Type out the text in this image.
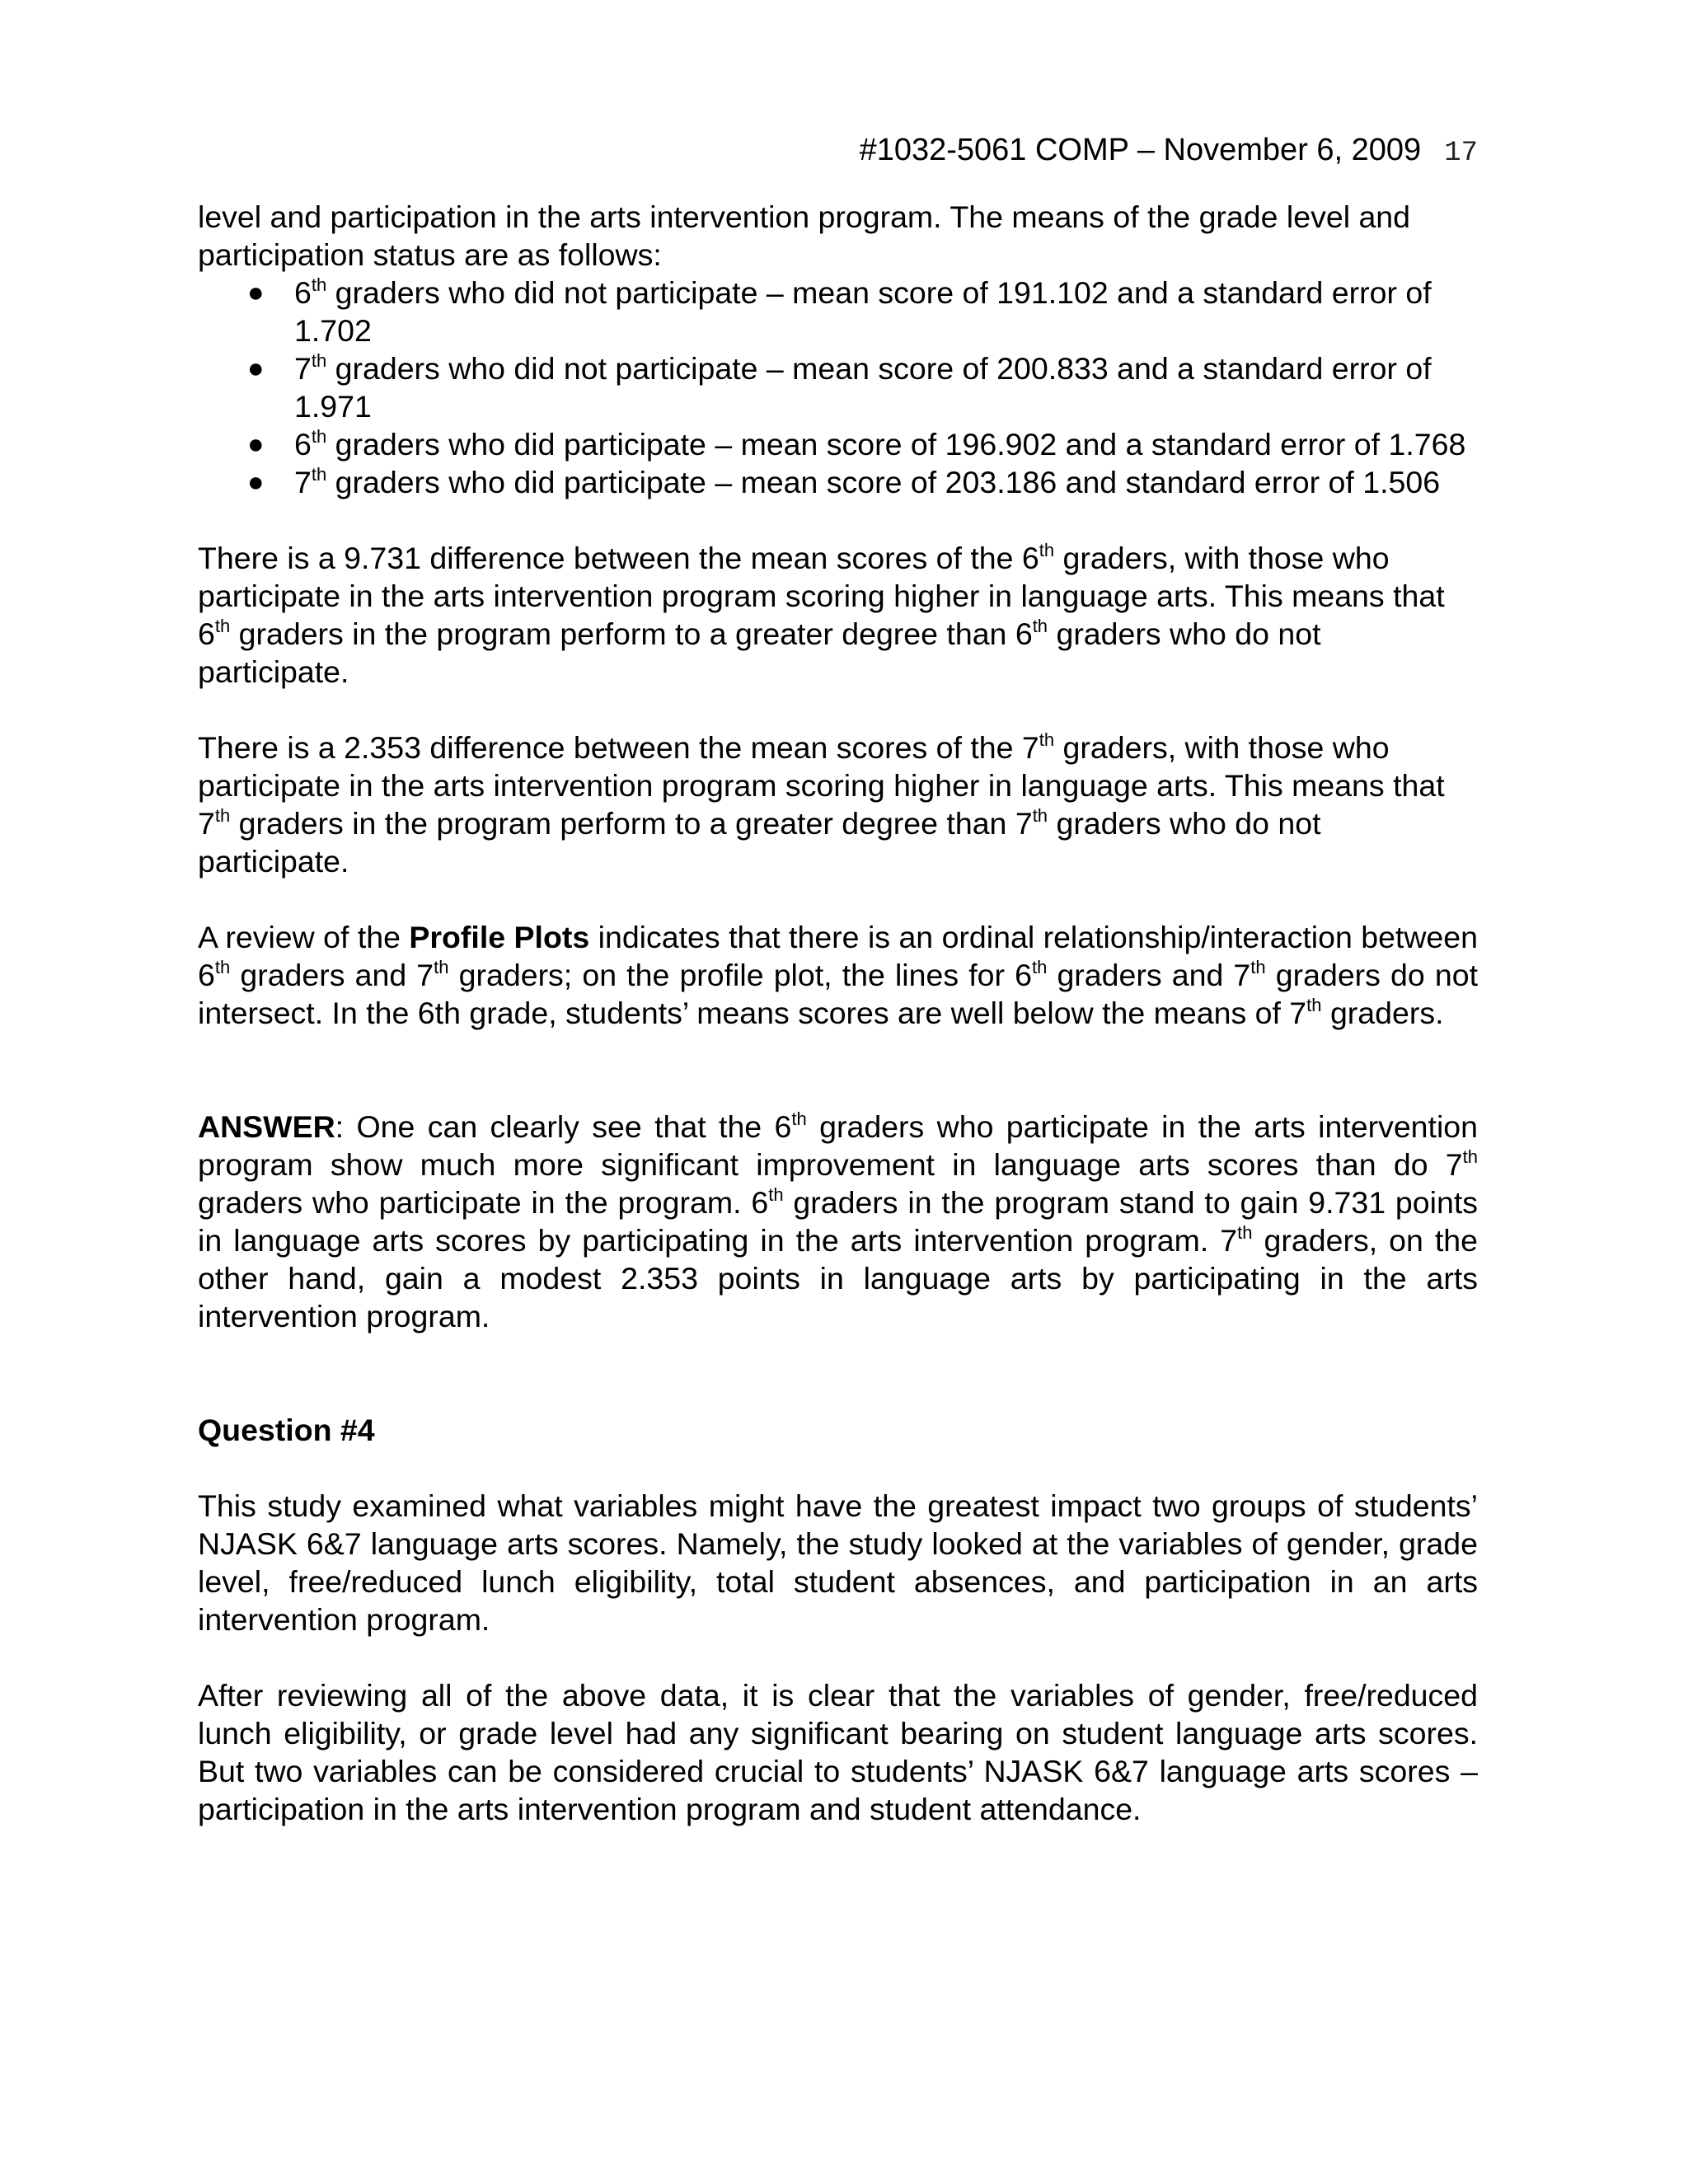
#1032-5061 COMP – November 6, 2009 17

level and participation in the arts intervention program. The means of the grade level and participation status are as follows:

● 6th graders who did not participate – mean score of 191.102 and a standard error of 1.702
● 7th graders who did not participate – mean score of 200.833 and a standard error of 1.971
● 6th graders who did participate – mean score of 196.902 and a standard error of 1.768
● 7th graders who did participate – mean score of 203.186 and standard error of 1.506

There is a 9.731 difference between the mean scores of the 6th graders, with those who participate in the arts intervention program scoring higher in language arts. This means that 6th graders in the program perform to a greater degree than 6th graders who do not participate.

There is a 2.353 difference between the mean scores of the 7th graders, with those who participate in the arts intervention program scoring higher in language arts. This means that 7th graders in the program perform to a greater degree than 7th graders who do not participate.

A review of the Profile Plots indicates that there is an ordinal relationship/interaction between 6th graders and 7th graders; on the profile plot, the lines for 6th graders and 7th graders do not intersect. In the 6th grade, students’ means scores are well below the means of 7th graders.

ANSWER: One can clearly see that the 6th graders who participate in the arts intervention program show much more significant improvement in language arts scores than do 7th graders who participate in the program. 6th graders in the program stand to gain 9.731 points in language arts scores by participating in the arts intervention program. 7th graders, on the other hand, gain a modest 2.353 points in language arts by participating in the arts intervention program.

Question #4

This study examined what variables might have the greatest impact two groups of students’ NJASK 6&7 language arts scores. Namely, the study looked at the variables of gender, grade level, free/reduced lunch eligibility, total student absences, and participation in an arts intervention program.

After reviewing all of the above data, it is clear that the variables of gender, free/reduced lunch eligibility, or grade level had any significant bearing on student language arts scores. But two variables can be considered crucial to students’ NJASK 6&7 language arts scores – participation in the arts intervention program and student attendance.
